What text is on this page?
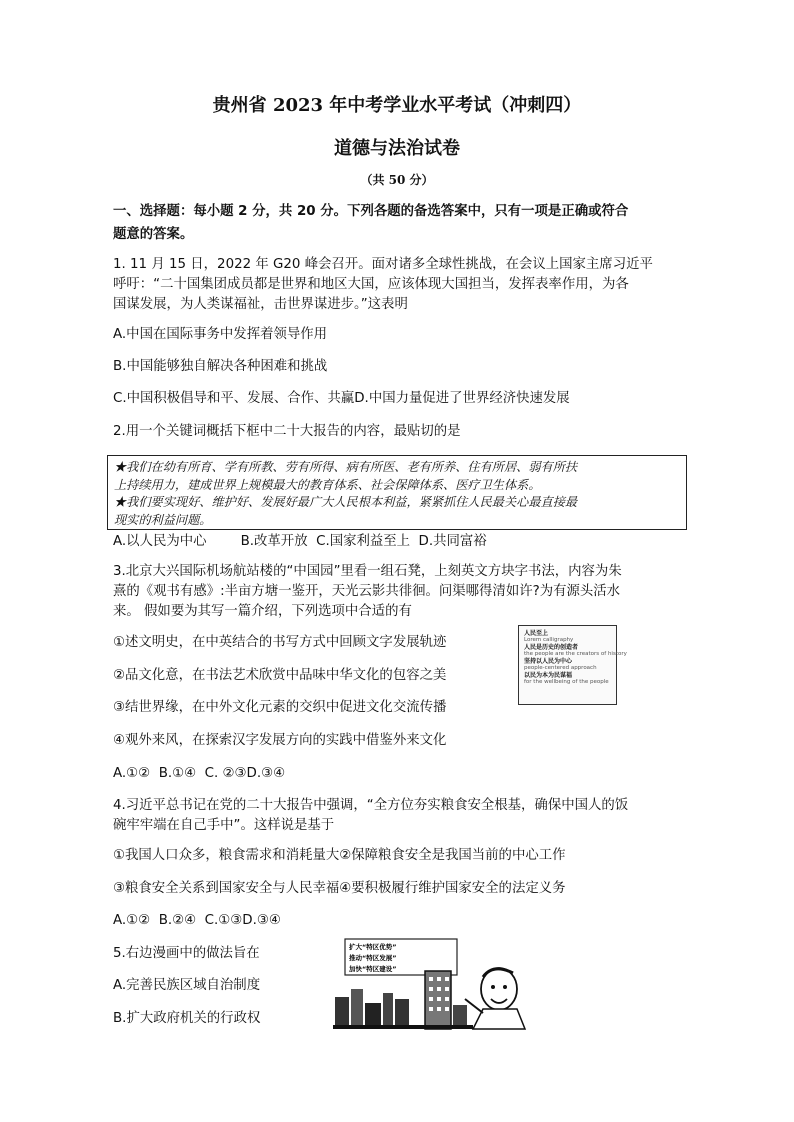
贵州省 2023 年中考学业水平考试（冲刺四）
道德与法治试卷
（共 50 分）
一、选择题：每小题 2 分，共 20 分。下列各题的备选答案中，只有一项是正确或符合
题意的答案。
1. 11 月 15 日，2022 年 G20 峰会召开。面对诸多全球性挑战，在会议上国家主席习近平
呼吁：“二十国集团成员都是世界和地区大国，应该体现大国担当，发挥表率作用，为各
国谋发展，为人类谋福祉，击世界谋进步。”这表明
A.中国在国际事务中发挥着领导作用
B.中国能够独自解决各种困难和挑战
C.中国积极倡导和平、发展、合作、共赢D.中国力量促进了世界经济快速发展
2.用一个关键词概括下框中二十大报告的内容，最贴切的是
★我们在幼有所育、学有所教、劳有所得、病有所医、老有所养、住有所居、弱有所扶
上持续用力，建成世界上规模最大的教育体系、社会保障体系、医疗卫生体系。
★我们要实现好、维护好、发展好最广大人民根本利益，紧紧抓住人民最关心最直接最
现实的利益问题。
A.以人民为中心        B.改革开放  C.国家利益至上  D.共同富裕
3.北京大兴国际机场航站楼的“中国园”里看一组石凳，上刻英文方块字书法，内容为朱
熹的《观书有感》:半亩方塘一鉴开，天光云影共徘徊。问渠哪得清如许?为有源头活水
来。 假如要为其写一篇介绍，下列选项中合适的有
①述文明史，在中英结合的书写方式中回顾文字发展轨迹
②品文化意，在书法艺术欣赏中品味中华文化的包容之美
③结世界缘，在中外文化元素的交织中促进文化交流传播
④观外来风，在探索汉字发展方向的实践中借鉴外来文化
A.①②  B.①④  C. ②③D.③④
人民至上
Lorem calligraphy
人民是历史的创造者
the people are the creators of history
坚持以人民为中心
people-centered approach
以民为本为民谋福
for the wellbeing of the people
4.习近平总书记在党的二十大报告中强调，“全方位夯实粮食安全根基，确保中国人的饭
碗牢牢端在自己手中”。这样说是基于
①我国人口众多，粮食需求和消耗量大②保障粮食安全是我国当前的中心工作
③粮食安全关系到国家安全与人民幸福④要积极履行维护国家安全的法定义务
A.①②  B.②④  C.①③D.③④
5.右边漫画中的做法旨在
A.完善民族区域自治制度
B.扩大政府机关的行政权
扩大“特区优势”
推动“特区发展”
加快“特区建设”
